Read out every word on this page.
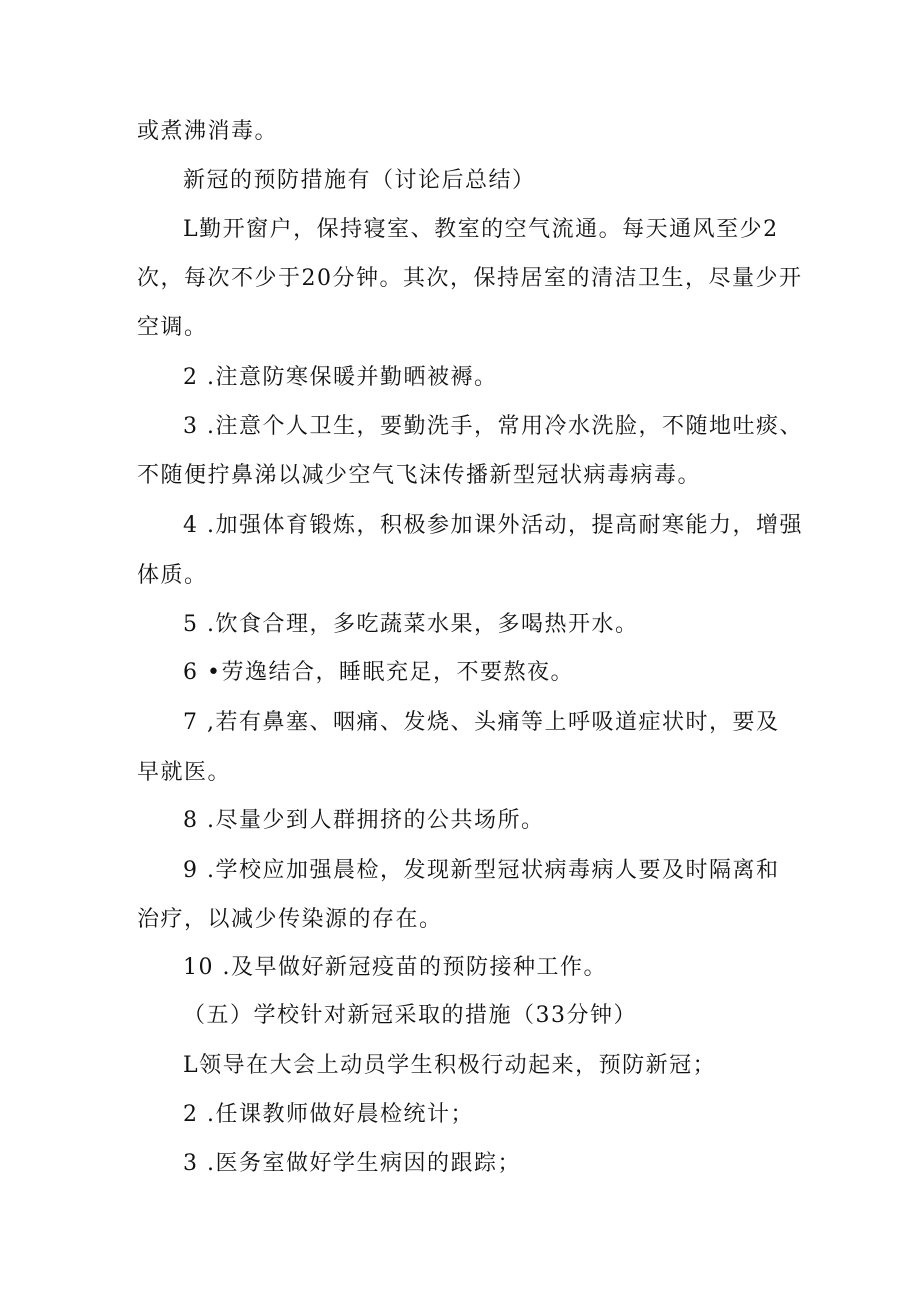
或煮沸消毒。
新冠的预防措施有（讨论后总结）
L勤开窗户，保持寝室、教室的空气流通。每天通风至少2
次，每次不少于20分钟。其次，保持居室的清洁卫生，尽量少开
空调。
2 .注意防寒保暖并勤晒被褥。
3 .注意个人卫生，要勤洗手，常用冷水洗脸，不随地吐痰、
不随便拧鼻涕以减少空气飞沫传播新型冠状病毒病毒。
4 .加强体育锻炼，积极参加课外活动，提高耐寒能力，增强
体质。
5 .饮食合理，多吃蔬菜水果，多喝热开水。
6 •劳逸结合，睡眠充足，不要熬夜。
7 ,若有鼻塞、咽痛、发烧、头痛等上呼吸道症状时，要及
早就医。
8 .尽量少到人群拥挤的公共场所。
9 .学校应加强晨检，发现新型冠状病毒病人要及时隔离和
治疗，以减少传染源的存在。
10 .及早做好新冠疫苗的预防接种工作。
（五）学校针对新冠采取的措施（33分钟）
L领导在大会上动员学生积极行动起来，预防新冠；
2 .任课教师做好晨检统计；
3 .医务室做好学生病因的跟踪；
